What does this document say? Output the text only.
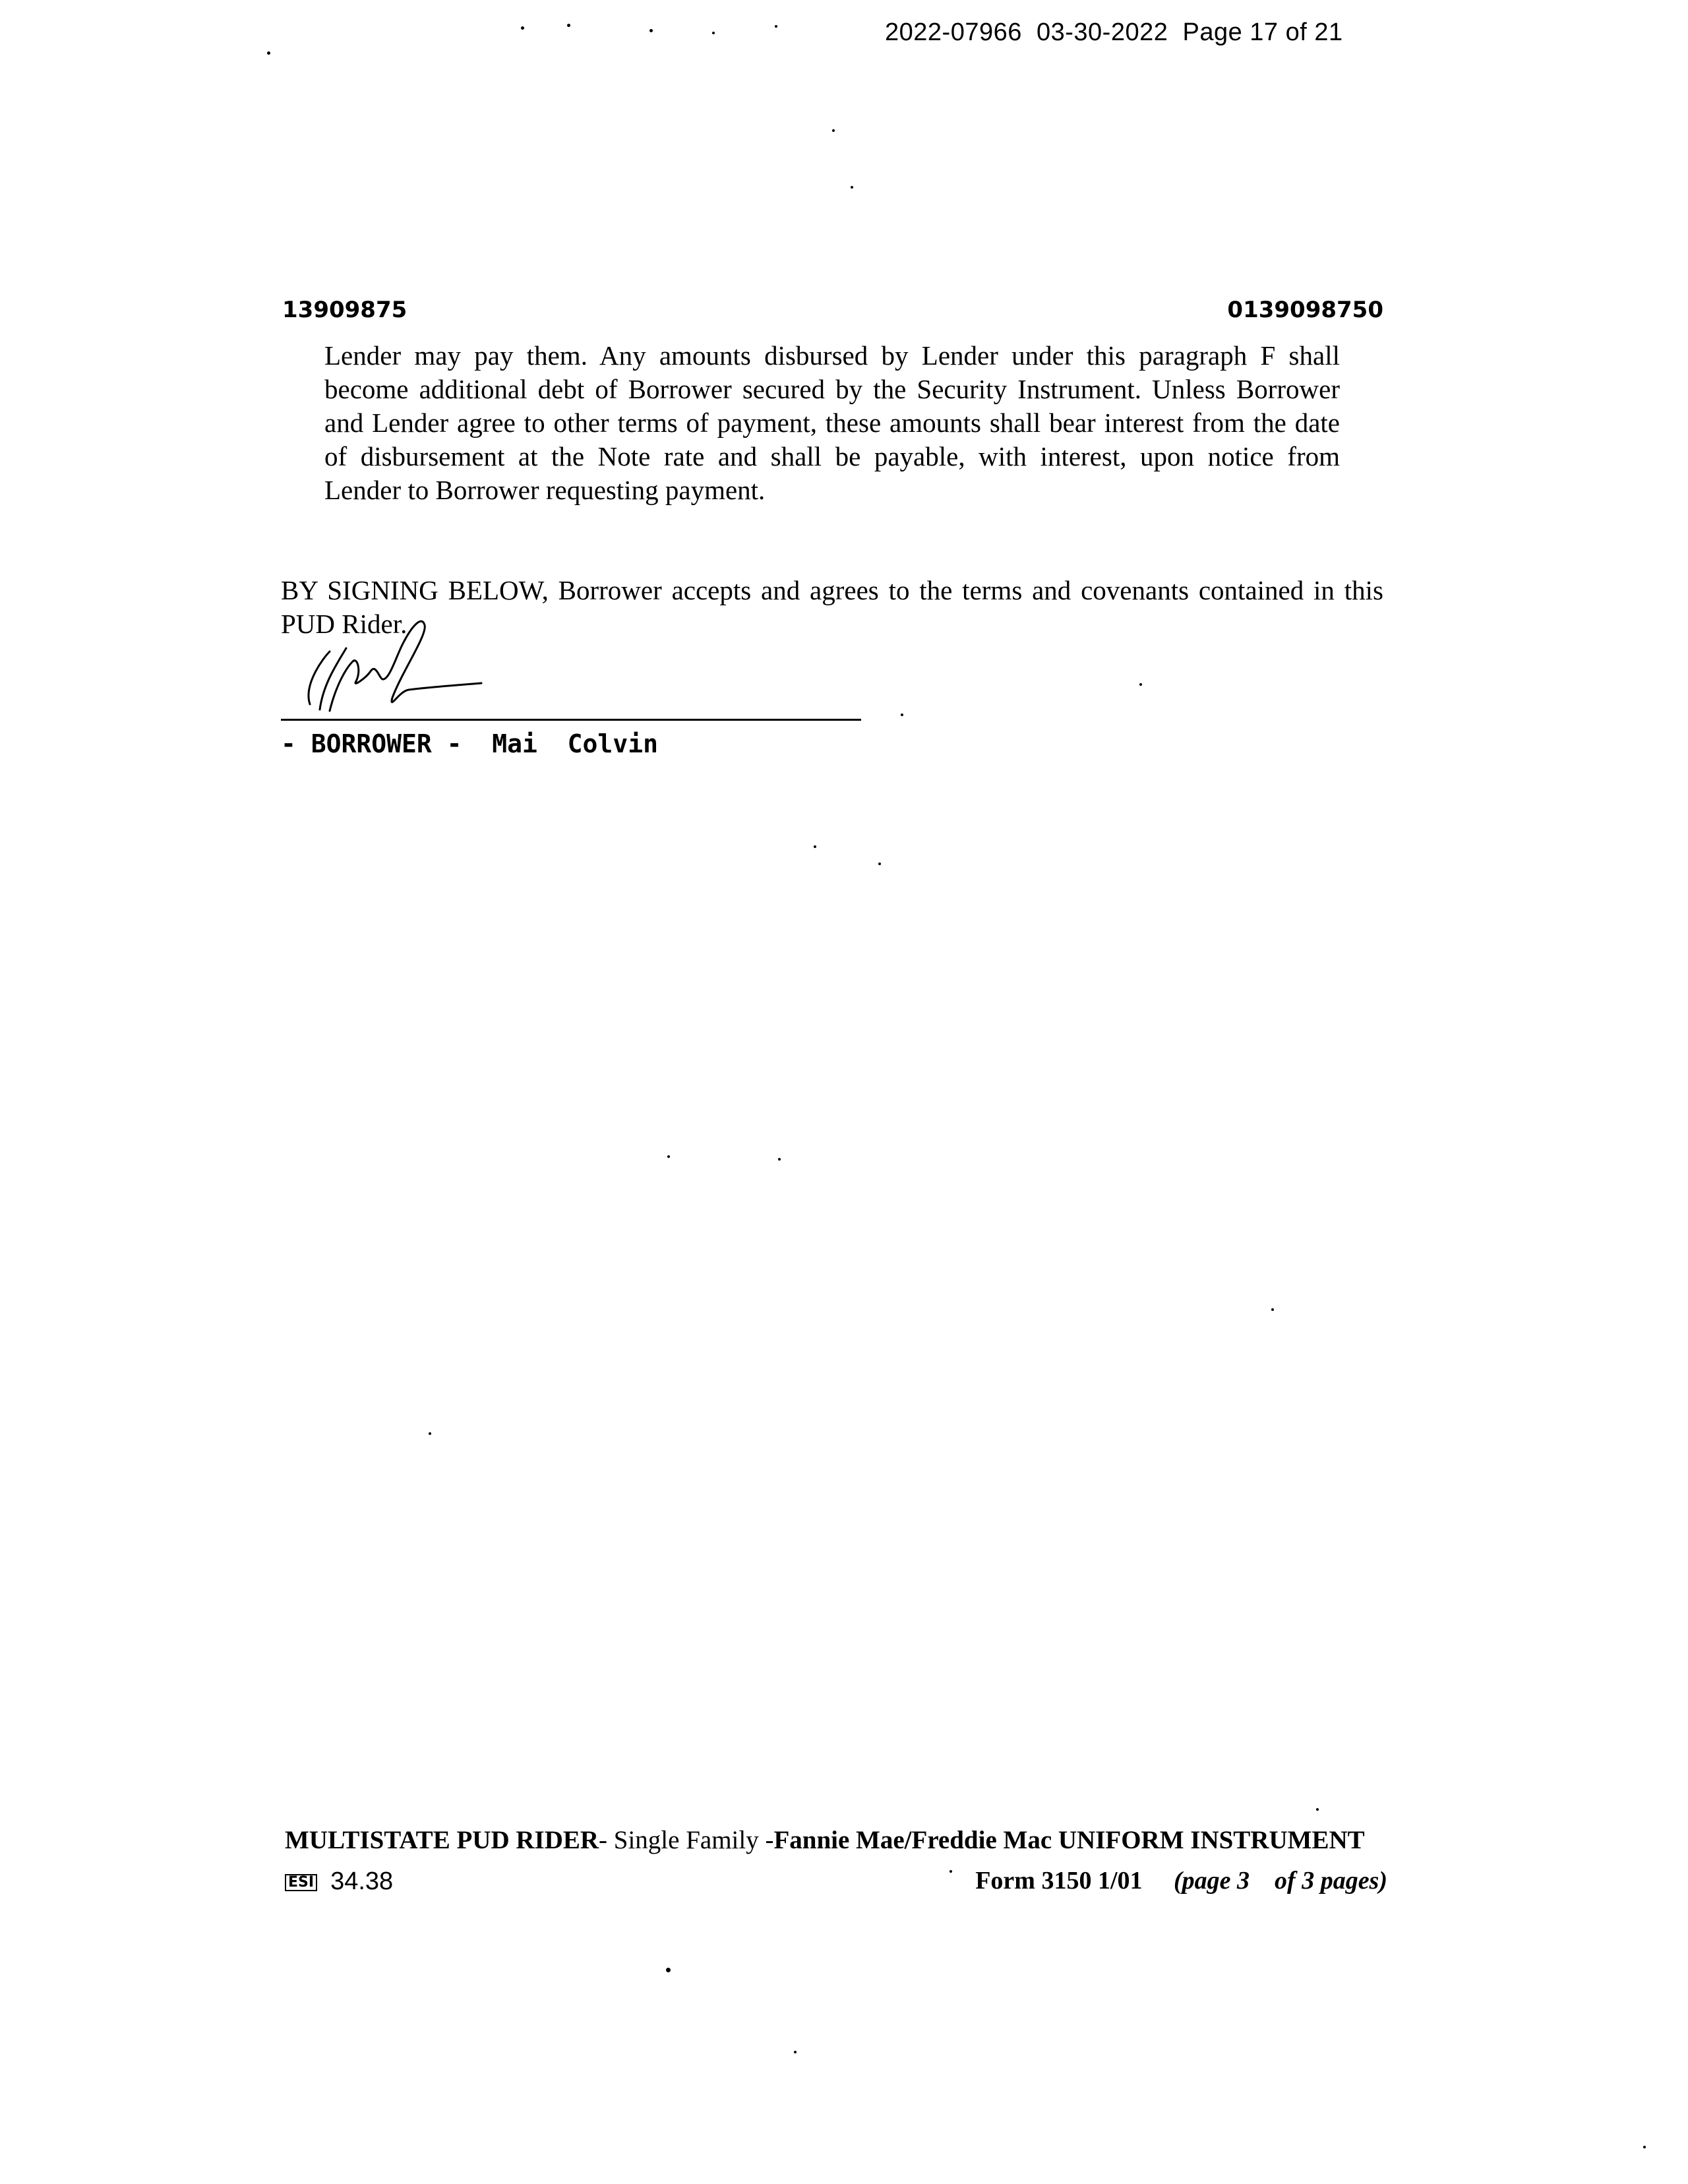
2022-07966  03-30-2022  Page 17 of 21
13909875	0139098750
Lender may pay them. Any amounts disbursed by Lender under this paragraph F shall
become additional debt of Borrower secured by the Security Instrument. Unless Borrower
and Lender agree to other terms of payment, these amounts shall bear interest from the date
of disbursement at the Note rate and shall be payable, with interest, upon notice from
Lender to Borrower requesting payment.
BY SIGNING BELOW, Borrower accepts and agrees to the terms and covenants contained in this
PUD Rider.
- BORROWER -  Mai  Colvin
MULTISTATE PUD RIDER- Single Family -Fannie Mae/Freddie Mac UNIFORM INSTRUMENT
ESI 34.38	Form 3150 1/01 (page 3    of 3 pages)
